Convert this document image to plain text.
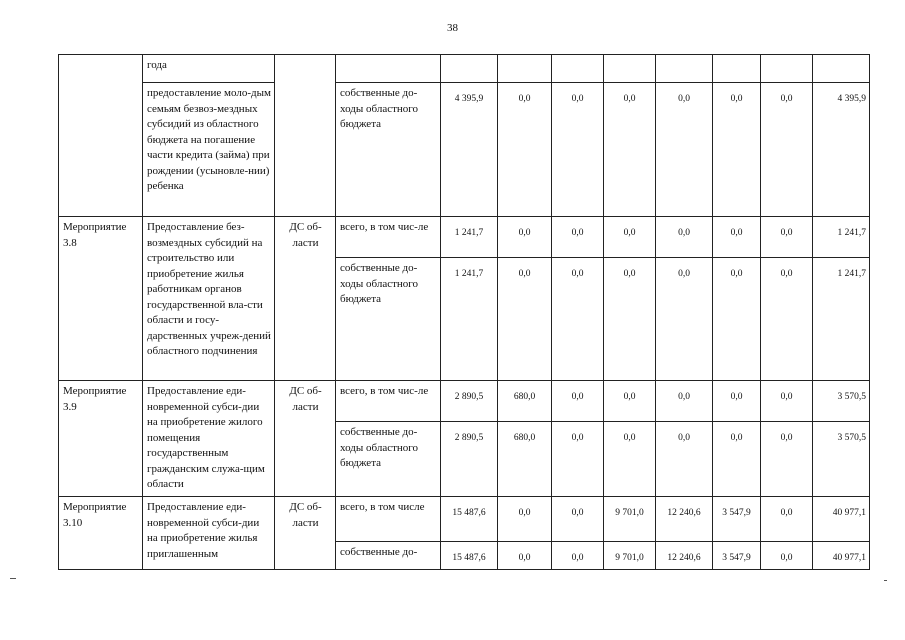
38
	года										
	предоставление моло-дым семьям безвоз-мездных субсидий из областного бюджета на погашение части кредита (займа) при рождении (усыновле-нии) ребенка		собственные до-ходы областного бюджета	4 395,9	0,0	0,0	0,0	0,0	0,0	0,0	4 395,9
Мероприятие 3.8	Предоставление без-возмездных субсидий на строительство или приобретение жилья работникам органов государственной вла-сти области и госу-дарственных учреж-дений областного подчинения	ДС об-ласти	всего, в том чис-ле	1 241,7	0,0	0,0	0,0	0,0	0,0	0,0	1 241,7
			собственные до-ходы областного бюджета	1 241,7	0,0	0,0	0,0	0,0	0,0	0,0	1 241,7
Мероприятие 3.9	Предоставление еди-новременной субси-дии на приобретение жилого помещения государственным гражданским служа-щим области	ДС об-ласти	всего, в том чис-ле	2 890,5	680,0	0,0	0,0	0,0	0,0	0,0	3 570,5
			собственные до-ходы областного бюджета	2 890,5	680,0	0,0	0,0	0,0	0,0	0,0	3 570,5
Мероприятие 3.10	Предоставление еди-новременной субси-дии на приобретение жилья приглашенным	ДС об-ласти	всего, в том числе	15 487,6	0,0	0,0	9 701,0	12 240,6	3 547,9	0,0	40 977,1
			собственные до-	15 487,6	0,0	0,0	9 701,0	12 240,6	3 547,9	0,0	40 977,1
